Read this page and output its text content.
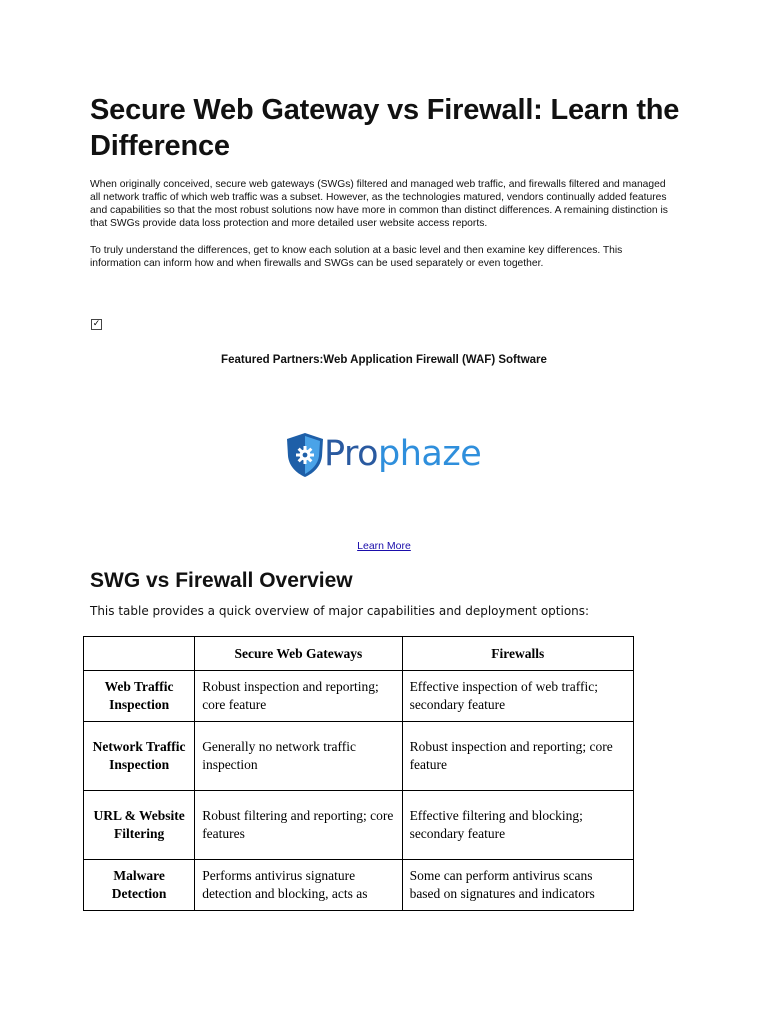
Secure Web Gateway vs Firewall: Learn the Difference

When originally conceived, secure web gateways (SWGs) filtered and managed web traffic, and firewalls filtered and managed all network traffic of which web traffic was a subset. However, as the technologies matured, vendors continually added features and capabilities so that the most robust solutions now have more in common than distinct differences. A remaining distinction is that SWGs provide data loss protection and more detailed user website access reports.

To truly understand the differences, get to know each solution at a basic level and then examine key differences. This information can inform how and when firewalls and SWGs can be used separately or even together.

✓
Featured Partners:Web Application Firewall (WAF) Software
Prophaze
Learn More
SWG vs Firewall Overview

This table provides a quick overview of major capabilities and deployment options:

	Secure Web Gateways	Firewalls
Web Traffic Inspection	Robust inspection and reporting; core feature	Effective inspection of web traffic; secondary feature
Network Traffic Inspection	Generally no network traffic inspection	Robust inspection and reporting; core feature
URL & Website Filtering	Robust filtering and reporting; core features	Effective filtering and blocking; secondary feature
Malware Detection	Performs antivirus signature detection and blocking, acts as	Some can perform antivirus scans based on signatures and indicators
